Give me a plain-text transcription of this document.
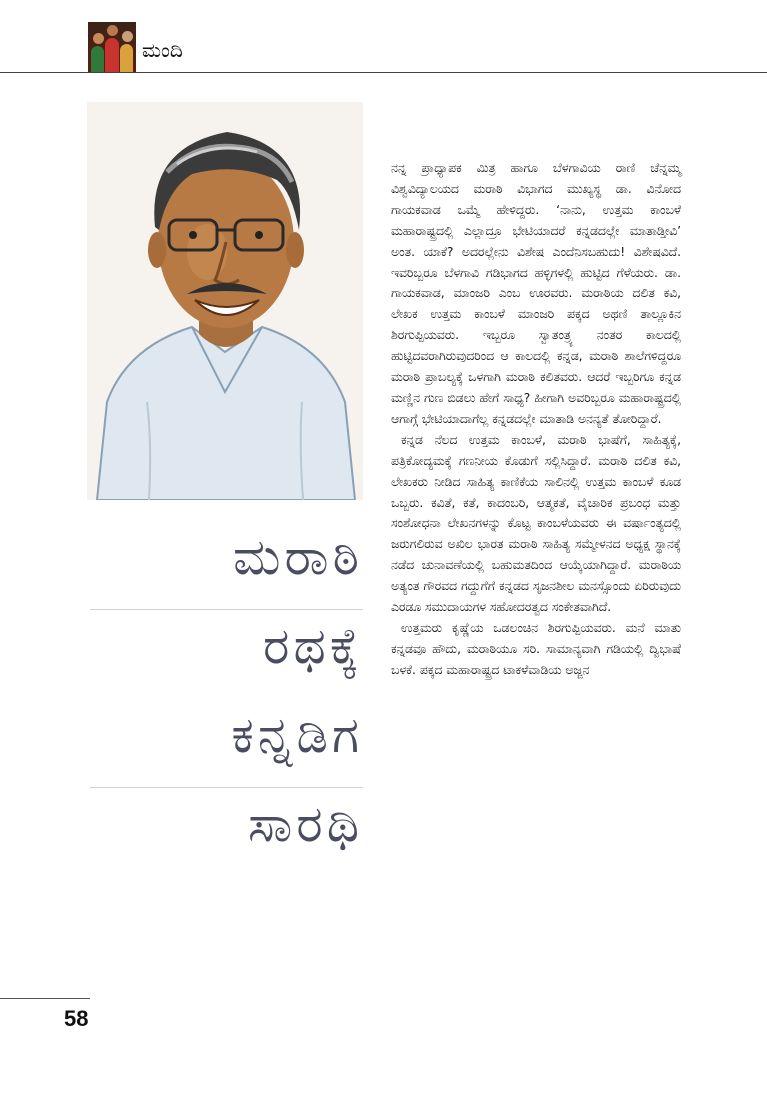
ಮಂದಿ
ಮರಾಠಿ
ರಥಕ್ಕೆ
ಕನ್ನಡಿಗ
ಸಾರಥಿ

ನನ್ನ ಪ್ರಾಧ್ಯಾಪಕ ಮಿತ್ರ ಹಾಗೂ ಬೆಳಗಾವಿಯ ರಾಣಿ ಚೆನ್ನಮ್ಮ ವಿಶ್ವವಿದ್ಯಾಲಯದ ಮರಾಠಿ ವಿಭಾಗದ ಮುಖ್ಯಸ್ಥ ಡಾ. ವಿನೋದ ಗಾಯಕವಾಡ ಒಮ್ಮೆ ಹೇಳಿದ್ದರು. ‘ನಾನು, ಉತ್ತಮ ಕಾಂಬಳೆ ಮಹಾರಾಷ್ಟ್ರದಲ್ಲಿ ಎಲ್ಲಾದ್ರೂ ಭೇಟಿಯಾದರೆ ಕನ್ನಡದಲ್ಲೇ ಮಾತಾಡ್ತೀವಿ’ ಅಂತ. ಯಾಕೆ? ಅದರಲ್ಲೇನು ವಿಶೇಷ ಎಂದೆನಿಸಬಹುದು! ವಿಶೇಷವಿದೆ. ಇವರಿಬ್ಬರೂ ಬೆಳಗಾವಿ ಗಡಿಭಾಗದ ಹಳ್ಳಿಗಳಲ್ಲಿ ಹುಟ್ಟಿದ ಗೆಳೆಯರು. ಡಾ. ಗಾಯಕವಾಡ, ಮಾಂಜರಿ ಎಂಬ ಊರವರು. ಮರಾಠಿಯ ದಲಿತ ಕವಿ, ಲೇಖಕ ಉತ್ತಮ ಕಾಂಬಳೆ ಮಾಂಜರಿ ಪಕ್ಕದ ಅಥಣಿ ತಾಲ್ಲೂಕಿನ ಶಿರಗುಪ್ಪಿಯವರು. ಇಬ್ಬರೂ ಸ್ವಾತಂತ್ರ್ಯ ನಂತರ ಕಾಲದಲ್ಲಿ ಹುಟ್ಟಿದವರಾಗಿರುವುದರಿಂದ ಆ ಕಾಲದಲ್ಲಿ ಕನ್ನಡ, ಮರಾಠಿ ಶಾಲೆಗಳಿದ್ದರೂ ಮರಾಠಿ ಪ್ರಾಬಲ್ಯಕ್ಕೆ ಒಳಗಾಗಿ ಮರಾಠಿ ಕಲಿತವರು. ಆದರೆ ಇಬ್ಬರಿಗೂ ಕನ್ನಡ ಮಣ್ಣಿನ ಗುಣ ಬಿಡಲು ಹೇಗೆ ಸಾಧ್ಯ? ಹೀಗಾಗಿ ಅವರಿಬ್ಬರೂ ಮಹಾರಾಷ್ಟ್ರದಲ್ಲಿ ಆಗಾಗ್ಗೆ ಭೇಟಿಯಾದಾಗೆಲ್ಲ ಕನ್ನಡದಲ್ಲೇ ಮಾತಾಡಿ ಅನನ್ಯತೆ ತೋರಿದ್ದಾರೆ.

ಕನ್ನಡ ನೆಲದ ಉತ್ತಮ ಕಾಂಬಳೆ, ಮರಾಠಿ ಭಾಷೆಗೆ, ಸಾಹಿತ್ಯಕ್ಕೆ, ಪತ್ರಿಕೋದ್ಯಮಕ್ಕೆ ಗಣನೀಯ ಕೊಡುಗೆ ಸಲ್ಲಿಸಿದ್ದಾರೆ. ಮರಾಠಿ ದಲಿತ ಕವಿ, ಲೇಖಕರು ನೀಡಿದ ಸಾಹಿತ್ಯ ಕಾಣಿಕೆಯ ಸಾಲಿನಲ್ಲಿ ಉತ್ತಮ ಕಾಂಬಳೆ ಕೂಡ ಒಬ್ಬರು. ಕವಿತೆ, ಕತೆ, ಕಾದಂಬರಿ, ಆತ್ಮಕತೆ, ವೈಚಾರಿಕ ಪ್ರಬಂಧ ಮತ್ತು ಸಂಶೋಧನಾ ಲೇಖನಗಳನ್ನು ಕೊಟ್ಟ ಕಾಂಬಳೆಯವರು ಈ ವರ್ಷಾಂತ್ಯದಲ್ಲಿ ಜರುಗಲಿರುವ ಅಖಿಲ ಭಾರತ ಮರಾಠಿ ಸಾಹಿತ್ಯ ಸಮ್ಮೇಳನದ ಅಧ್ಯಕ್ಷ ಸ್ಥಾನಕ್ಕೆ ನಡೆದ ಚುನಾವಣೆಯಲ್ಲಿ ಬಹುಮತದಿಂದ ಆಯ್ಕೆಯಾಗಿದ್ದಾರೆ. ಮರಾಠಿಯ ಅತ್ಯಂತ ಗೌರವದ ಗದ್ದುಗೆಗೆ ಕನ್ನಡದ ಸೃಜನಶೀಲ ಮನಸ್ಸೊಂದು ಏರಿರುವುದು ಎರಡೂ ಸಮುದಾಯಗಳ ಸಹೋದರತ್ವದ ಸಂಕೇತವಾಗಿದೆ.

ಉತ್ತಮರು ಕೃಷ್ಣೆಯ ಒಡಲಂಚಿನ ಶಿರಗುಪ್ಪಿಯವರು. ಮನೆ ಮಾತು ಕನ್ನಡವೂ ಹೌದು, ಮರಾಠಿಯೂ ಸರಿ. ಸಾಮಾನ್ಯವಾಗಿ ಗಡಿಯಲ್ಲಿ ದ್ವಿಭಾಷೆ ಬಳಕೆ. ಪಕ್ಕದ ಮಹಾರಾಷ್ಟ್ರದ ಟಾಕಳೆವಾಡಿಯ ಅಜ್ಜನ

58
